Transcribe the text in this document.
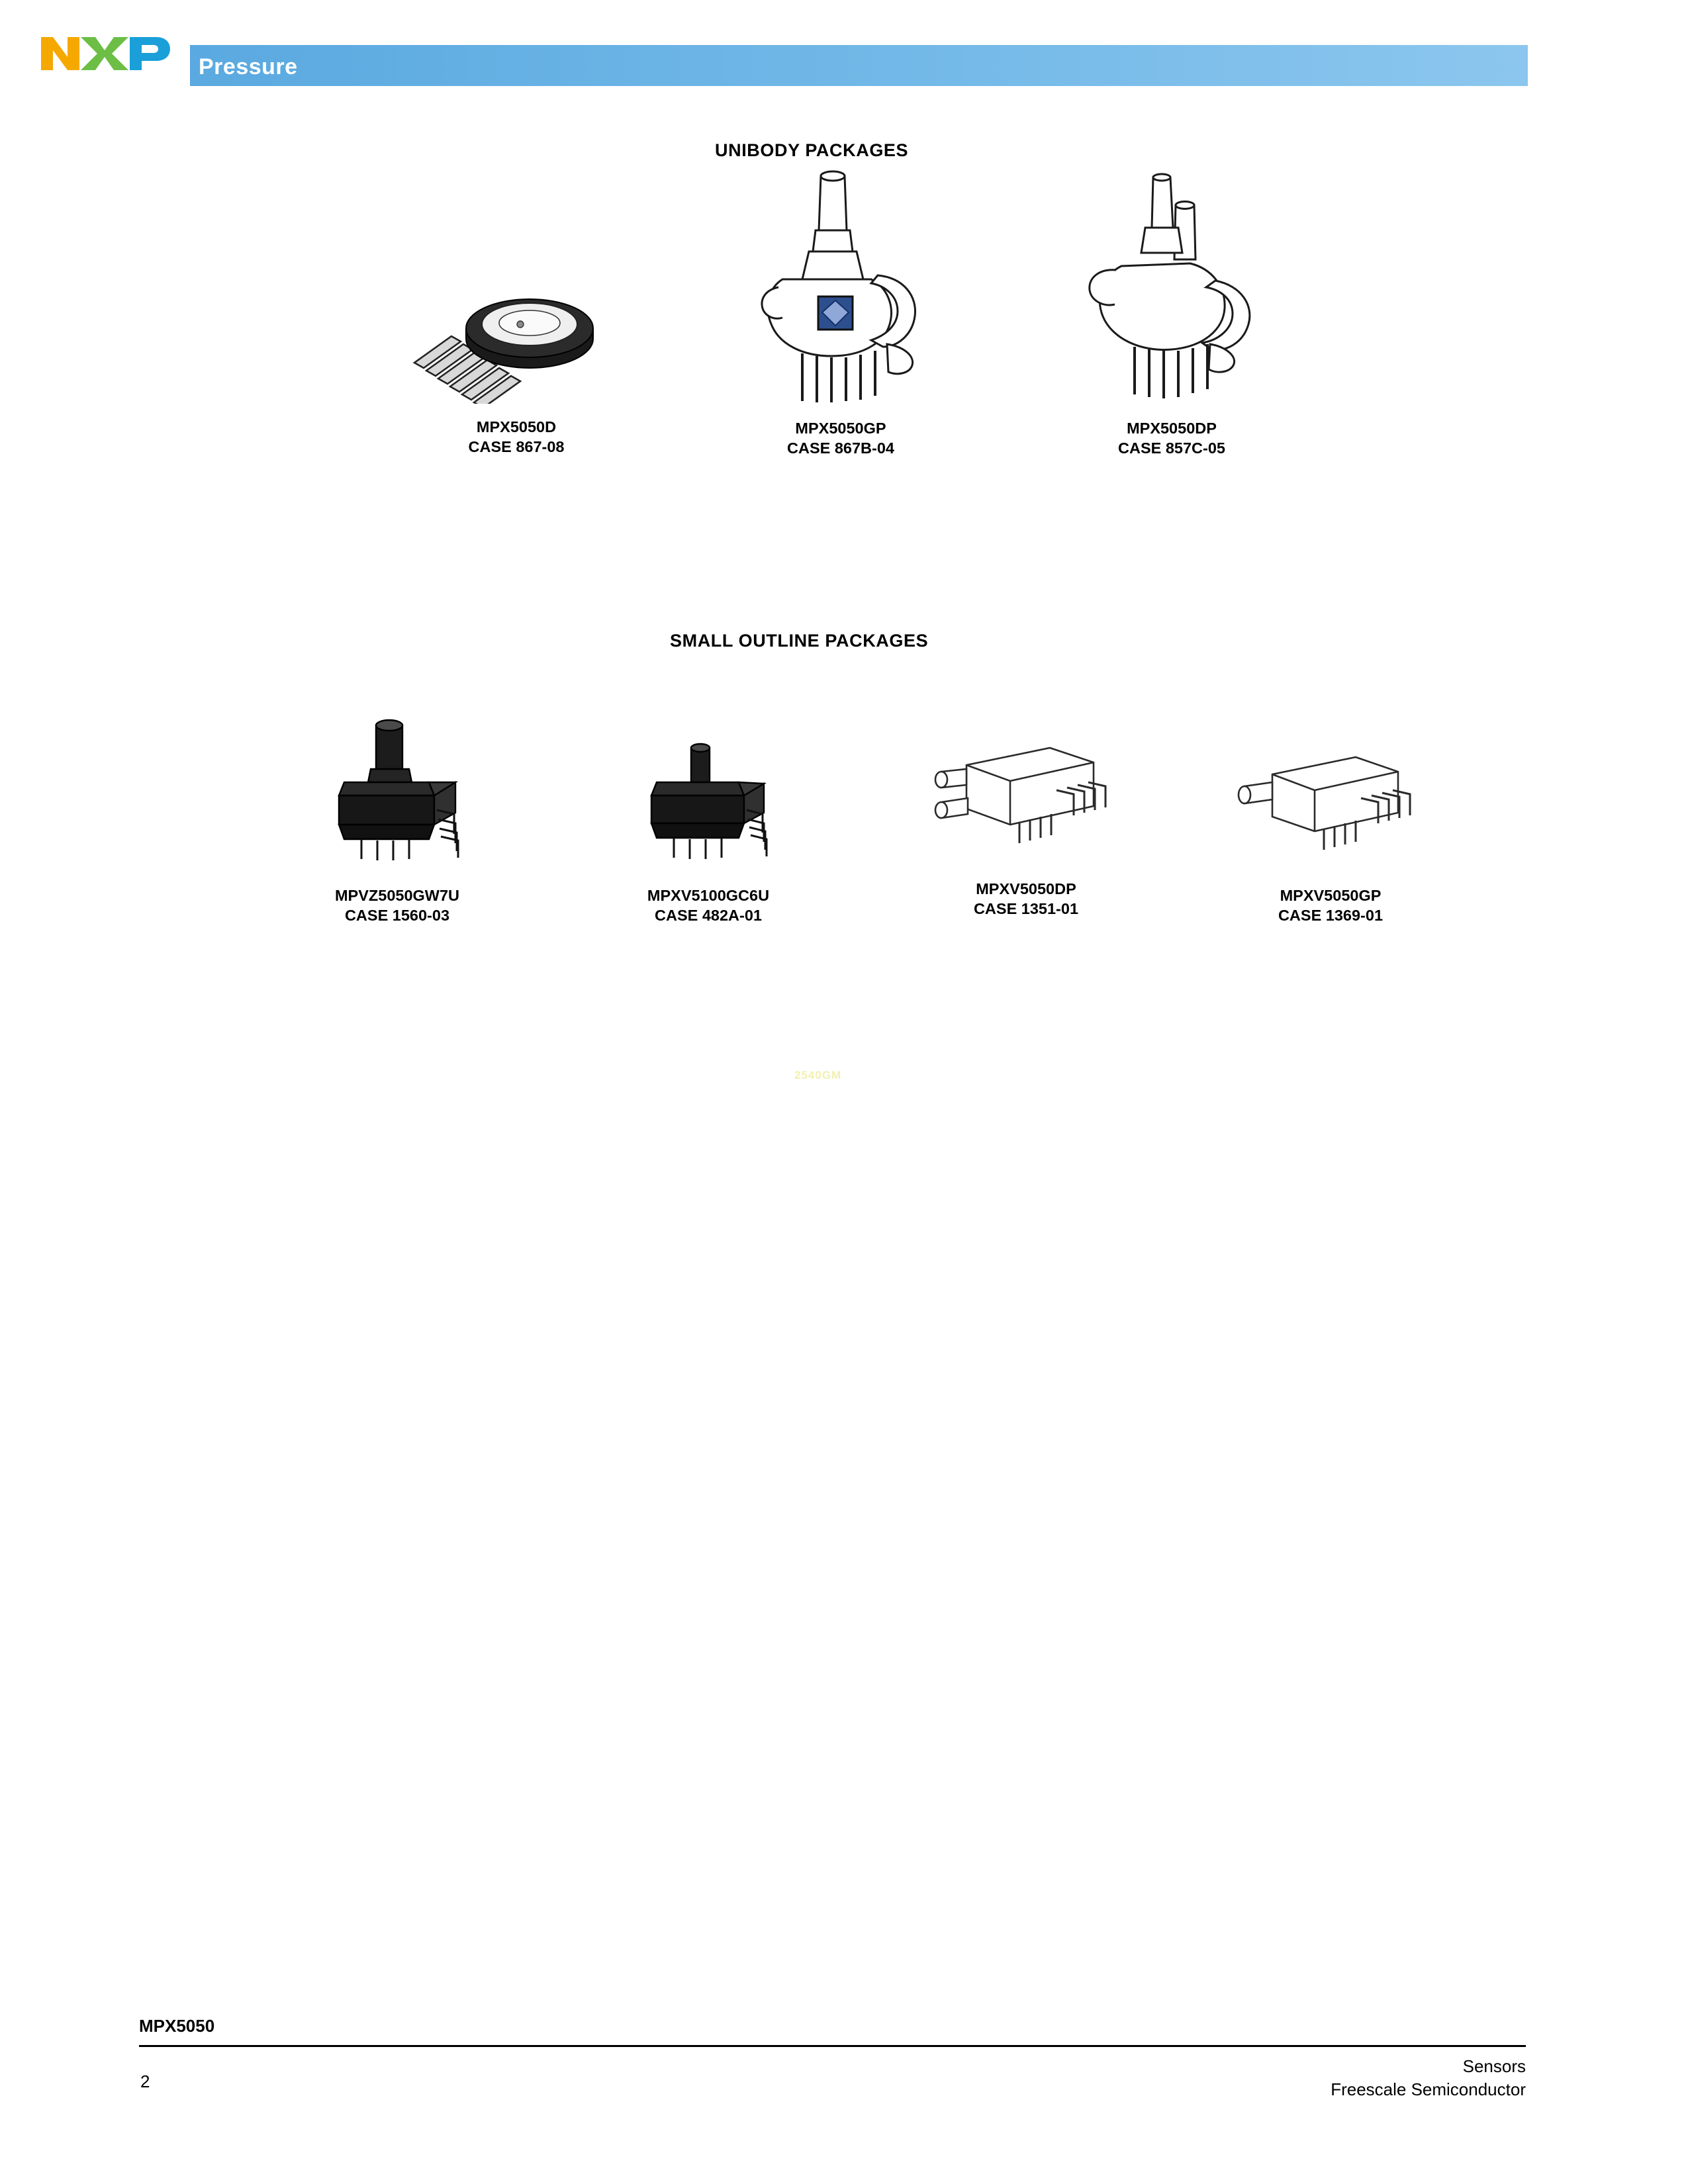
Pressure
UNIBODY PACKAGES
MPX5050D
CASE 867-08
MPX5050GP
CASE 867B-04
MPX5050DP
CASE 857C-05
SMALL OUTLINE PACKAGES
MPVZ5050GW7U
CASE 1560-03
MPXV5100GC6U
CASE 482A-01
MPXV5050DP
CASE 1351-01
MPXV5050GP
CASE 1369-01
2540GM
MPX5050
2
Sensors
Freescale Semiconductor
